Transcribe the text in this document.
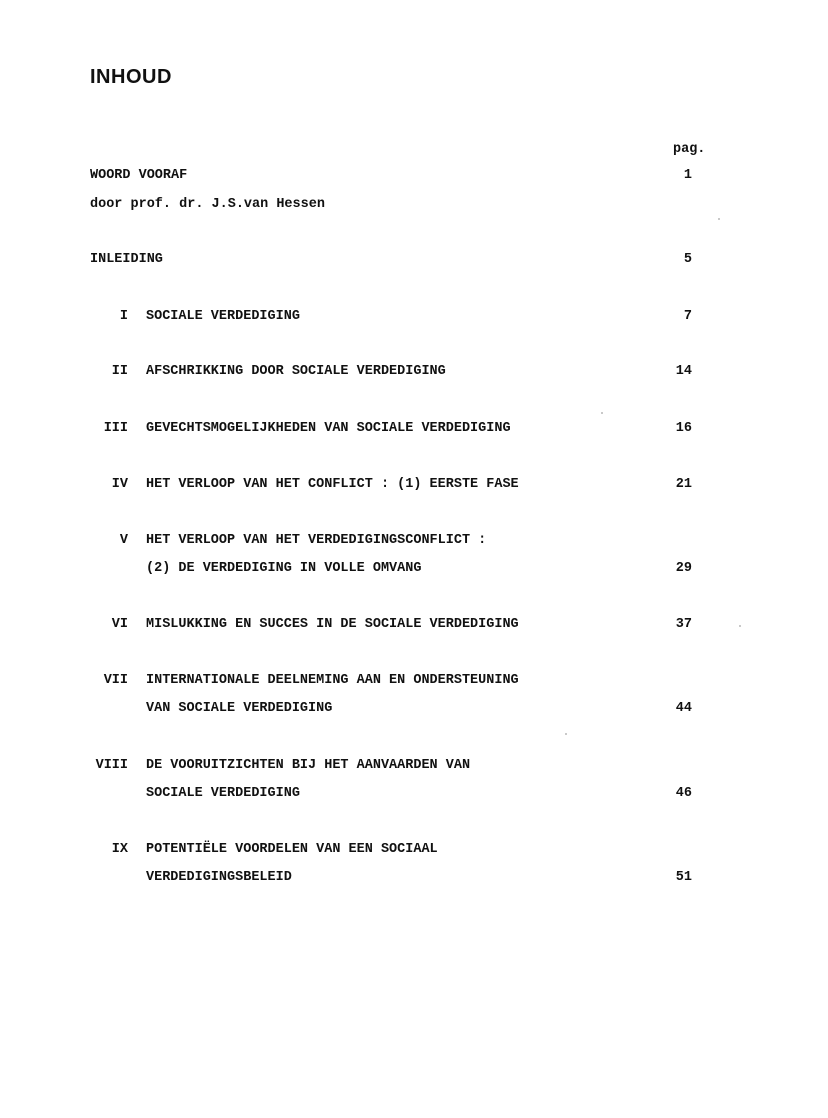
INHOUD
pag.
WOORD VOORAF	1
door prof. dr. J.S.van Hessen
INLEIDING	5
I SOCIALE VERDEDIGING	7
II AFSCHRIKKING DOOR SOCIALE VERDEDIGING	14
III GEVECHTSMOGELIJKHEDEN VAN SOCIALE VERDEDIGING	16
IV HET VERLOOP VAN HET CONFLICT : (1) EERSTE FASE	21
V HET VERLOOP VAN HET VERDEDIGINGSCONFLICT :
(2) DE VERDEDIGING IN VOLLE OMVANG	29
VI MISLUKKING EN SUCCES IN DE SOCIALE VERDEDIGING	37
VII INTERNATIONALE DEELNEMING AAN EN ONDERSTEUNING
VAN SOCIALE VERDEDIGING	44
VIII DE VOORUITZICHTEN BIJ HET AANVAARDEN VAN
SOCIALE VERDEDIGING	46
IX POTENTIËLE VOORDELEN VAN EEN SOCIAAL
VERDEDIGINGSBELEID	51
